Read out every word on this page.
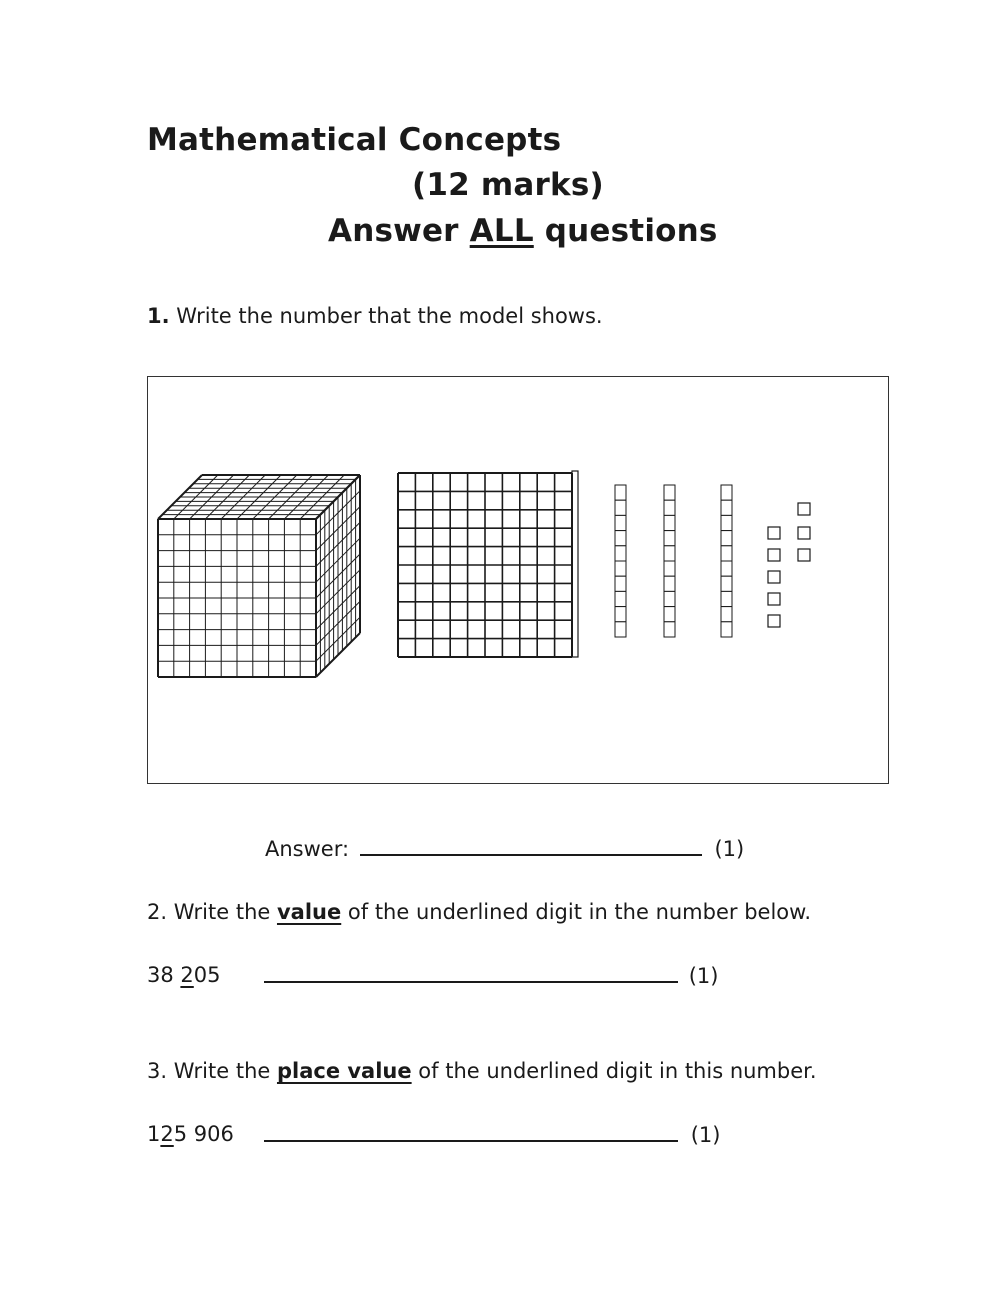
Mathematical Concepts
(12 marks)
Answer ALL questions
1. Write the number that the model shows.
Answer:	(1)
2. Write the value of the underlined digit in the number below.
38 205	(1)
3. Write the place value of the underlined digit in this number.
125 906	(1)
